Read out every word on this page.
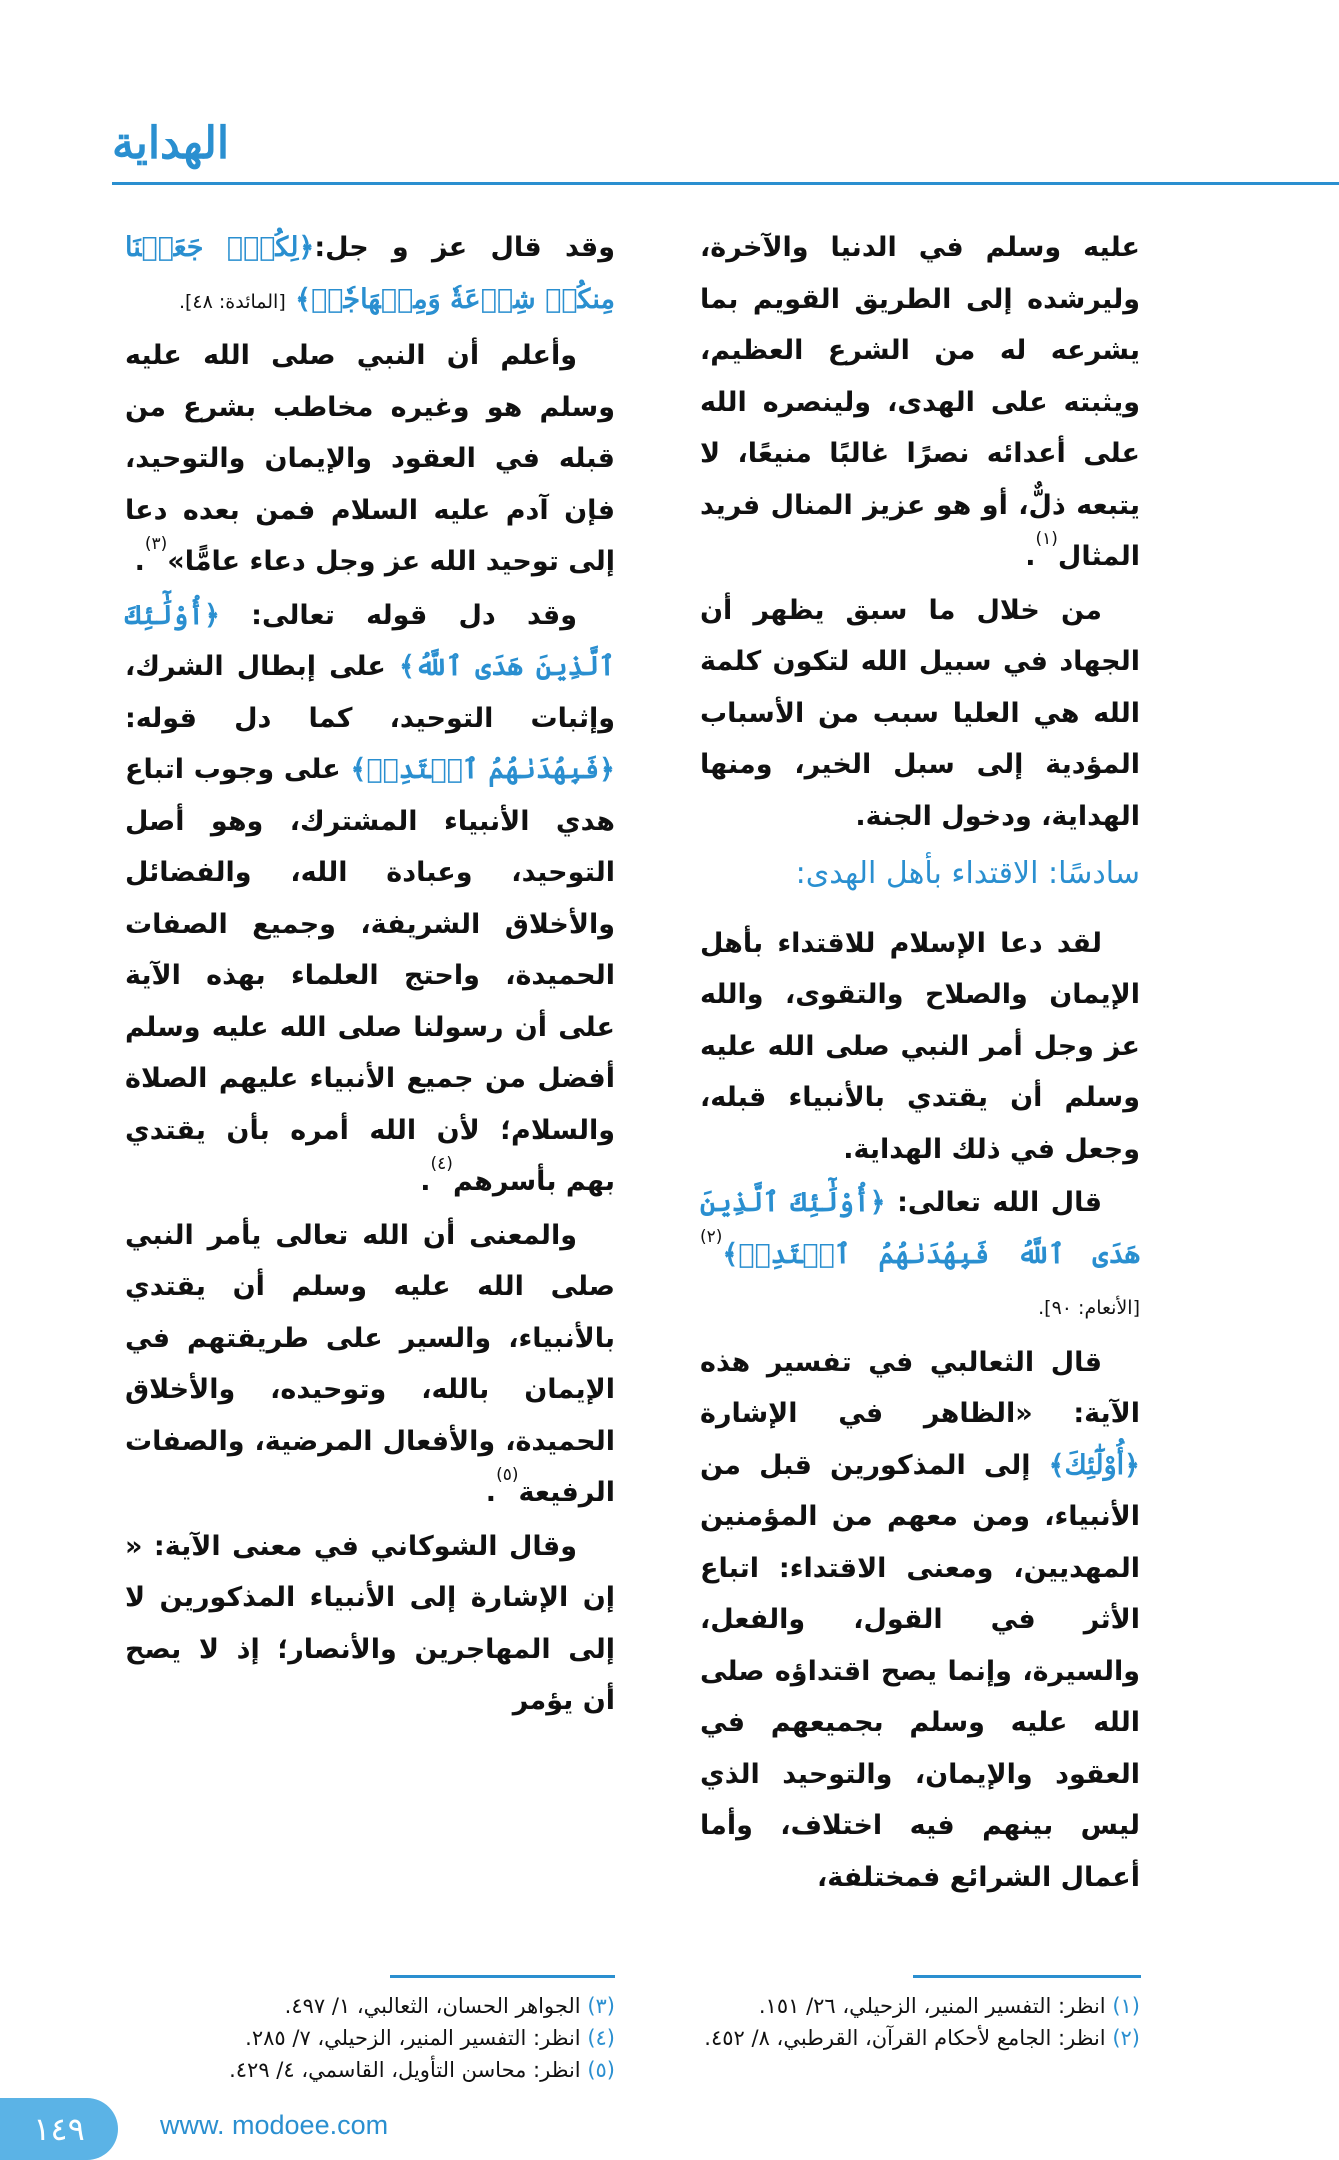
الهداية

عليه وسلم في الدنيا والآخرة، وليرشده إلى الطريق القويم بما يشرعه له من الشرع العظيم، ويثبته على الهدى، ولينصره الله على أعدائه نصرًا غالبًا منيعًا، لا يتبعه ذلٌّ، أو هو عزيز المنال فريد المثال$^{(١)}$.

من خلال ما سبق يظهر أن الجهاد في سبيل الله لتكون كلمة الله هي العليا سبب من الأسباب المؤدية إلى سبل الخير، ومنها الهداية، ودخول الجنة.

سادسًا: الاقتداء بأهل الهدى:

لقد دعا الإسلام للاقتداء بأهل الإيمان والصلاح والتقوى، والله عز وجل أمر النبي صلى الله عليه وسلم أن يقتدي بالأنبياء قبله، وجعل في ذلك الهداية.

قال الله تعالى: ﴿أُوْلَٰٓئِكَ ٱلَّذِينَ هَدَى ٱللَّهُ فَبِهُدَىٰهُمُ ٱقۡتَدِهۡ﴾$^{(٢)}$ [الأنعام: ٩٠].

قال الثعالبي في تفسير هذه الآية: «الظاهر في الإشارة ﴿أُوْلَٰٓئِكَ﴾ إلى المذكورين قبل من الأنبياء، ومن معهم من المؤمنين المهديين، ومعنى الاقتداء: اتباع الأثر في القول، والفعل، والسيرة، وإنما يصح اقتداؤه صلى الله عليه وسلم بجميعهم في العقود والإيمان، والتوحيد الذي ليس بينهم فيه اختلاف، وأما أعمال الشرائع فمختلفة،

وقد قال عز و جل:﴿لِكُلّٖ جَعَلۡنَا مِنكُمۡ شِرۡعَةٗ وَمِنۡهَاجٗاۚ﴾ [المائدة: ٤٨].

وأعلم أن النبي صلى الله عليه وسلم هو وغيره مخاطب بشرع من قبله في العقود والإيمان والتوحيد، فإن آدم عليه السلام فمن بعده دعا إلى توحيد الله عز وجل دعاء عامًّا»$^{(٣)}$.

وقد دل قوله تعالى: ﴿أُوْلَٰٓئِكَ ٱلَّذِينَ هَدَى ٱللَّهُ﴾ على إبطال الشرك، وإثبات التوحيد، كما دل قوله: ﴿فَبِهُدَىٰهُمُ ٱقۡتَدِهۡ﴾ على وجوب اتباع هدي الأنبياء المشترك، وهو أصل التوحيد، وعبادة الله، والفضائل والأخلاق الشريفة، وجميع الصفات الحميدة، واحتج العلماء بهذه الآية على أن رسولنا صلى الله عليه وسلم أفضل من جميع الأنبياء عليهم الصلاة والسلام؛ لأن الله أمره بأن يقتدي بهم بأسرهم$^{(٤)}$.

والمعنى أن الله تعالى يأمر النبي صلى الله عليه وسلم أن يقتدي بالأنبياء، والسير على طريقتهم في الإيمان بالله، وتوحيده، والأخلاق الحميدة، والأفعال المرضية، والصفات الرفيعة$^{(٥)}$.

وقال الشوكاني في معنى الآية: « إن الإشارة إلى الأنبياء المذكورين لا إلى المهاجرين والأنصار؛ إذ لا يصح أن يؤمر

(١) انظر: التفسير المنير، الزحيلي، ٢٦/ ١٥١.
(٢) انظر: الجامع لأحكام القرآن، القرطبي، ٨/ ٤٥٢.
(٣) الجواهر الحسان، الثعالبي، ١/ ٤٩٧.
(٤) انظر: التفسير المنير، الزحيلي، ٧/ ٢٨٥.
(٥) انظر: محاسن التأويل، القاسمي، ٤/ ٤٢٩.
١٤٩	www. modoee.com
